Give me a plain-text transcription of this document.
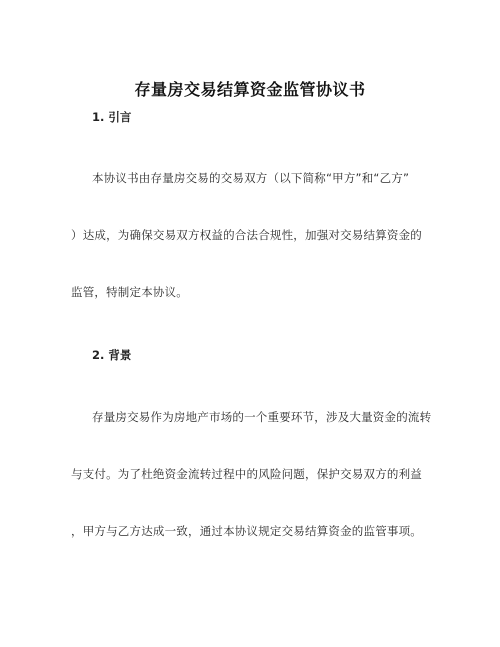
存量房交易结算资金监管协议书
1. 引言
本协议书由存量房交易的交易双方（以下简称“甲方”和“乙方”
）达成，为确保交易双方权益的合法合规性，加强对交易结算资金的
监管，特制定本协议。
2. 背景
存量房交易作为房地产市场的一个重要环节，涉及大量资金的流转
与支付。为了杜绝资金流转过程中的风险问题，保护交易双方的利益
，甲方与乙方达成一致，通过本协议规定交易结算资金的监管事项。
